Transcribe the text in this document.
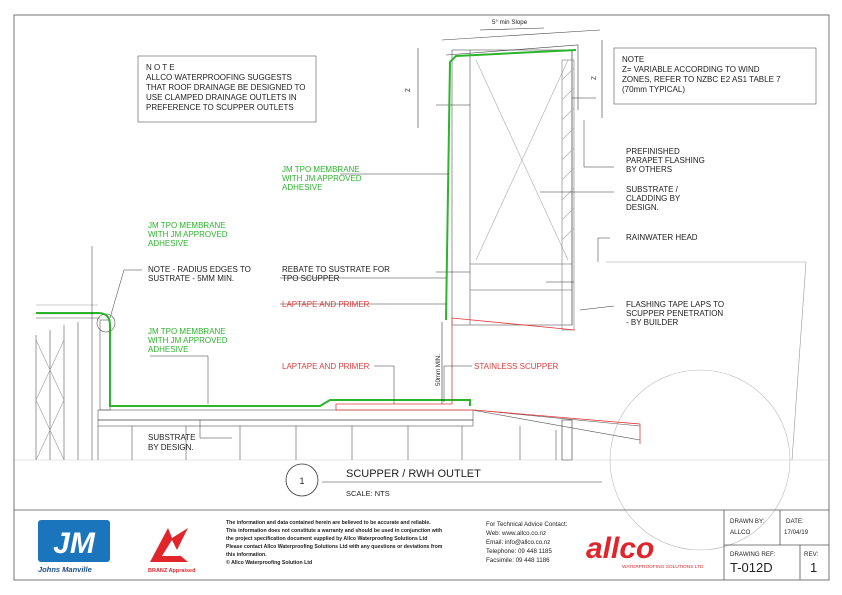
5° min Slope
Z
Z
50mm MIN.
N O T E
ALLCO WATERPROOFING SUGGESTS
THAT ROOF DRAINAGE BE DESIGNED TO
USE CLAMPED DRAINAGE OUTLETS IN
PREFERENCE TO SCUPPER OUTLETS
NOTE
Z= VARIABLE ACCORDING TO WIND
ZONES, REFER TO NZBC E2 AS1 TABLE 7
(70mm TYPICAL)
JM TPO MEMBRANE
WITH JM APPROVED
ADHESIVE
JM TPO MEMBRANE
WITH JM APPROVED
ADHESIVE
JM TPO MEMBRANE
WITH JM APPROVED
ADHESIVE
NOTE - RADIUS EDGES TO
SUSTRATE - 5MM MIN.
REBATE TO SUSTRATE FOR
TPO SCUPPER
LAPTAPE AND PRIMER
LAPTAPE AND PRIMER	STAINLESS SCUPPER
PREFINISHED
PARAPET FLASHING
BY OTHERS
SUBSTRATE /
CLADDING BY
DESIGN.
RAINWATER HEAD
FLASHING TAPE LAPS TO
SCUPPER PENETRATION
- BY BUILDER
SUBSTRATE
BY DESIGN.
1
SCUPPER / RWH OUTLET
SCALE: NTS
JM
Johns Manville	BRANZ Appraised
The information and data contained herein are believed to be accurate and reliable.
This information does not constitute a warranty and should be used in conjunction with
the project specification document supplied by Allco Waterproofing Solutions Ltd
Please contact Allco Waterproofing Solutions Ltd with any questions or deviations from
this information.
© Allco Waterproofing Solution Ltd
For Technical Advice Contact:
Web: www.allco.co.nz
Email: info@allco.co.nz
Telephone: 09 448 1185
Facsimile: 09 448 1186 allco
WATERPROOFING SOLUTIONS LTD
DRAWN BY:
ALLCO
DATE:
17/04/19
DRAWING REF:
T-012D
REV:
1
